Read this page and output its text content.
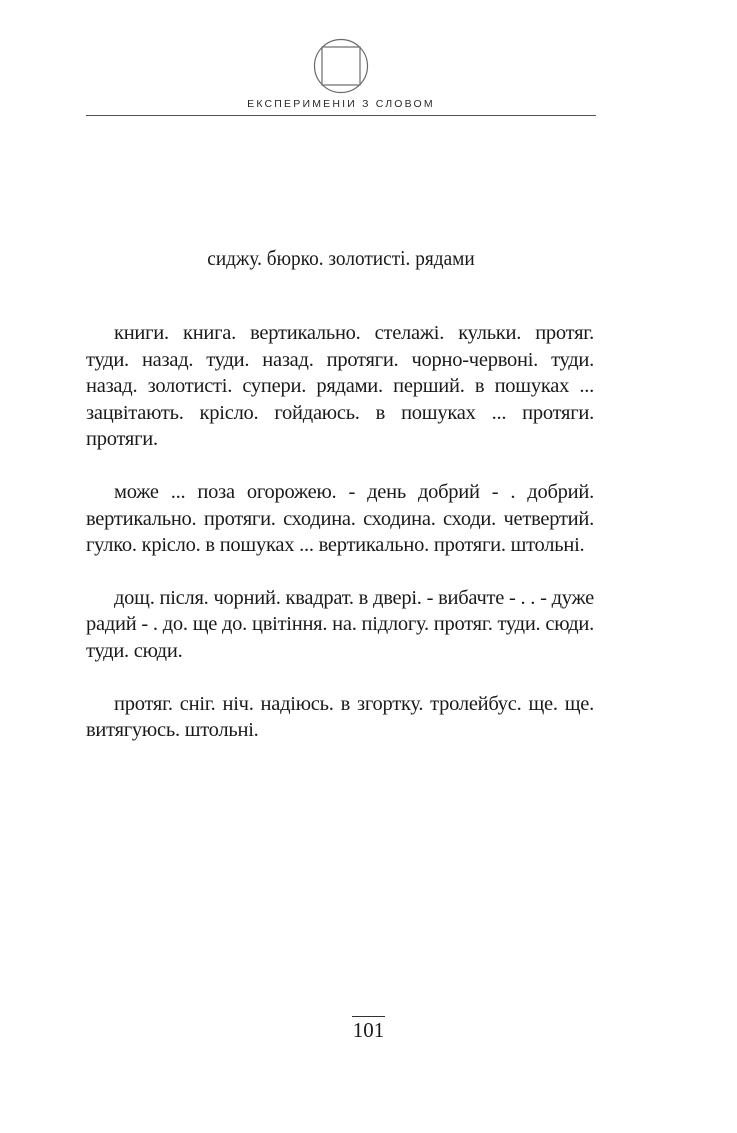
ЕКСПЕРИМЕНІИ З СЛОВОМ
сиджу. бюрко. золотисті. рядами

книги. книга. вертикально. стелажі. кульки. протяг. туди. назад. туди. назад. протяги. чорно-червоні. туди. назад. золотисті. супери. рядами. перший. в пошуках ... зацвітають. крісло. гойдаюсь. в пошуках ... протяги. протяги.

може ... поза огорожею. - день добрий - . добрий. вертикально. протяги. сходина. сходина. сходи. четвертий. гулко. крісло. в пошуках ... вертикально. протяги. штольні.

дощ. після. чорний. квадрат. в двері. - вибачте - . . - дуже радий - . до. ще до. цвітіння. на. підлогу. протяг. туди. сюди. туди. сюди.

протяг. сніг. ніч. надіюсь. в згортку. тролейбус. ще. ще. витягуюсь. штольні.

101
